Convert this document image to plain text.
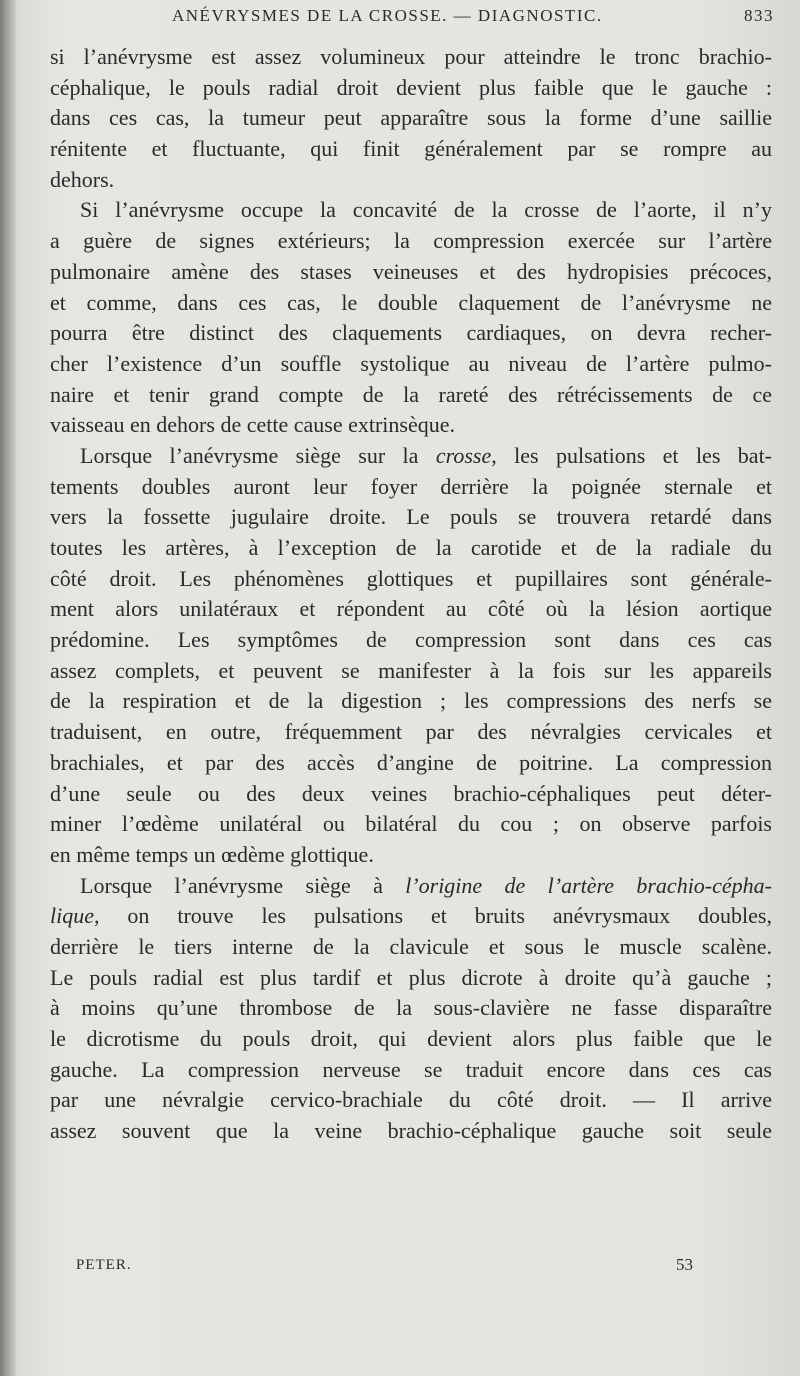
ANÉVRYSMES DE LA CROSSE. — DIAGNOSTIC.	833
si l’anévrysme est assez volumineux pour atteindre le tronc brachio-
céphalique, le pouls radial droit devient plus faible que le gauche :
dans ces cas, la tumeur peut apparaître sous la forme d’une saillie
rénitente et fluctuante, qui finit généralement par se rompre au
dehors.
Si l’anévrysme occupe la concavité de la crosse de l’aorte, il n’y
a guère de signes extérieurs; la compression exercée sur l’artère
pulmonaire amène des stases veineuses et des hydropisies précoces,
et comme, dans ces cas, le double claquement de l’anévrysme ne
pourra être distinct des claquements cardiaques, on devra recher-
cher l’existence d’un souffle systolique au niveau de l’artère pulmo-
naire et tenir grand compte de la rareté des rétrécissements de ce
vaisseau en dehors de cette cause extrinsèque.
Lorsque l’anévrysme siège sur la crosse, les pulsations et les bat-
tements doubles auront leur foyer derrière la poignée sternale et
vers la fossette jugulaire droite. Le pouls se trouvera retardé dans
toutes les artères, à l’exception de la carotide et de la radiale du
côté droit. Les phénomènes glottiques et pupillaires sont générale-
ment alors unilatéraux et répondent au côté où la lésion aortique
prédomine. Les symptômes de compression sont dans ces cas
assez complets, et peuvent se manifester à la fois sur les appareils
de la respiration et de la digestion ; les compressions des nerfs se
traduisent, en outre, fréquemment par des névralgies cervicales et
brachiales, et par des accès d’angine de poitrine. La compression
d’une seule ou des deux veines brachio-céphaliques peut déter-
miner l’œdème unilatéral ou bilatéral du cou ; on observe parfois
en même temps un œdème glottique.
Lorsque l’anévrysme siège à l’origine de l’artère brachio-cépha-
lique, on trouve les pulsations et bruits anévrysmaux doubles,
derrière le tiers interne de la clavicule et sous le muscle scalène.
Le pouls radial est plus tardif et plus dicrote à droite qu’à gauche ;
à moins qu’une thrombose de la sous-clavière ne fasse disparaître
le dicrotisme du pouls droit, qui devient alors plus faible que le
gauche. La compression nerveuse se traduit encore dans ces cas
par une névralgie cervico-brachiale du côté droit. — Il arrive
assez souvent que la veine brachio-céphalique gauche soit seule
PETER.	53
